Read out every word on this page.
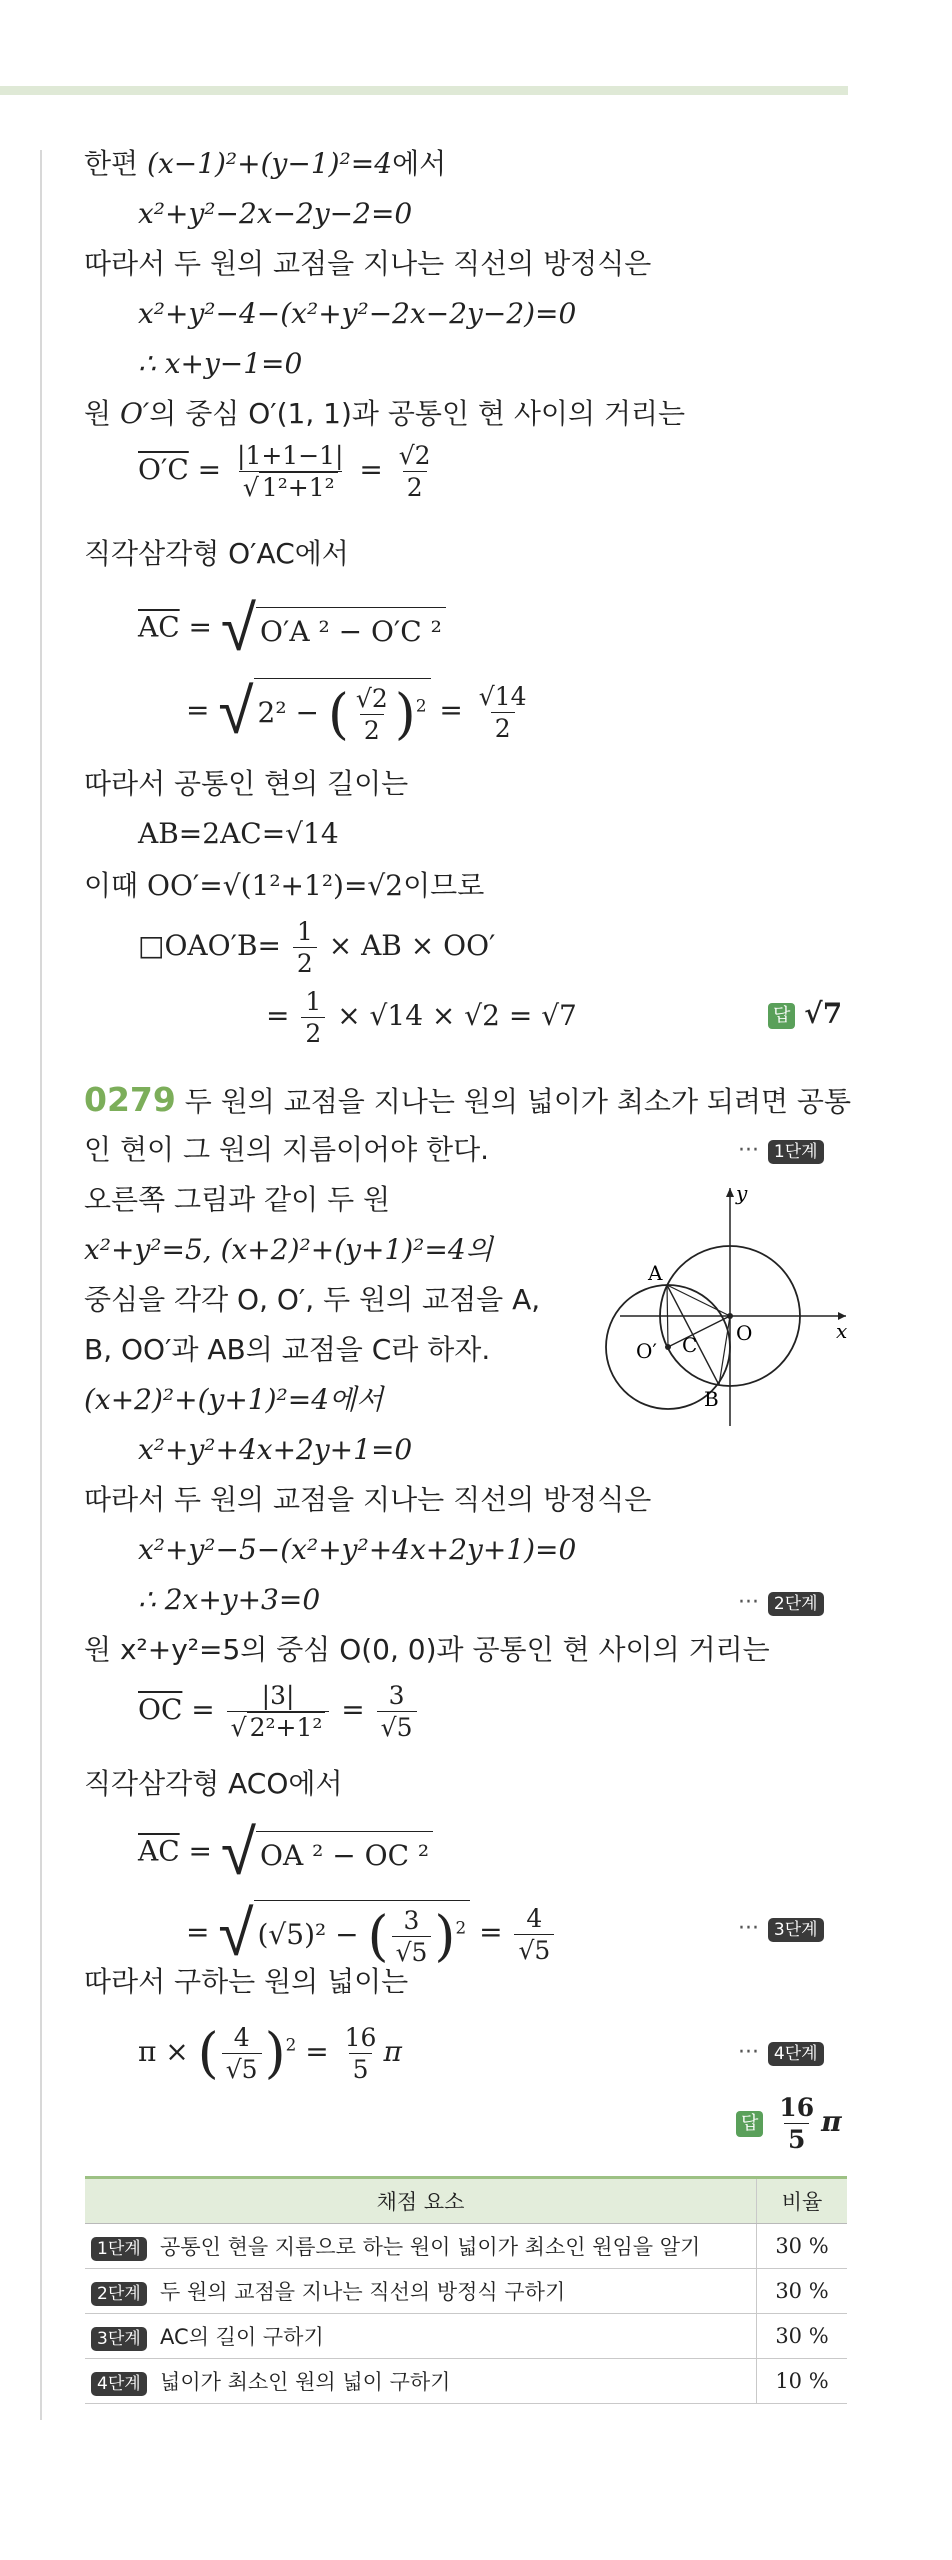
한편 (x−1)²+(y−1)²=4에서
x²+y²−2x−2y−2=0
따라서 두 원의 교점을 지나는 직선의 방정식은
x²+y²−4−(x²+y²−2x−2y−2)=0
∴ x+y−1=0
원 O′의 중심 O′(1, 1)과 공통인 현 사이의 거리는
$O'C = \frac{|1+1-1|}{\text{√ 1²+1²}} = \frac{√2}{2}$
직각삼각형 O′AC에서
$\overline{AC}$ = √ O′A ² − O′C ²
= √ 2² − ( $\frac{√2}{2} )^2 = \frac{√14}{2}$
따라서 공통인 현의 길이는
AB=2AC=√14
이때 OO′=√(1²+1²)=√2이므로
□OAO′B= $\frac{1}{2}$ × AB × OO′
= $\frac{1}{2} \times √14 \times √2 = √7$	답 √7
0279 두 원의 교점을 지나는 원의 넓이가 최소가 되려면 공통
인 현이 그 원의 지름이어야 한다.	··· 1단계
오른쪽 그림과 같이 두 원
x²+y²=5, (x+2)²+(y+1)²=4의
중심을 각각 O, O′, 두 원의 교점을 A,
B, OO′과 AB의 교점을 C라 하자.
y
x
A
B
C O
O′
(x+2)²+(y+1)²=4에서
x²+y²+4x+2y+1=0
따라서 두 원의 교점을 지나는 직선의 방정식은
x²+y²−5−(x²+y²+4x+2y+1)=0
∴ 2x+y+3=0	··· 2단계
원 x²+y²=5의 중심 O(0, 0)과 공통인 현 사이의 거리는
$\overline{OC} = \frac{|3|}{\text{√ 2²+1²}} = \frac{3}{√5}$
직각삼각형 ACO에서
$\overline{AC}$ = √ OA ² − OC ²
= √ (√5)² − ( $\frac{3}{√5} )^2 = \frac{4}{√5}$	··· 3단계
따라서 구하는 원의 넓이는
π × ( $\frac{4}{√5} )^2 = \frac{16}{5}$ π	··· 4단계
답 $\frac{16}{5}$ π
채점 요소	비율
1단계 공통인 현을 지름으로 하는 원이 넓이가 최소인 원임을 알기	30 %
2단계 두 원의 교점을 지나는 직선의 방정식 구하기	30 %
3단계 AC의 길이 구하기	30 %
4단계 넓이가 최소인 원의 넓이 구하기	10 %
